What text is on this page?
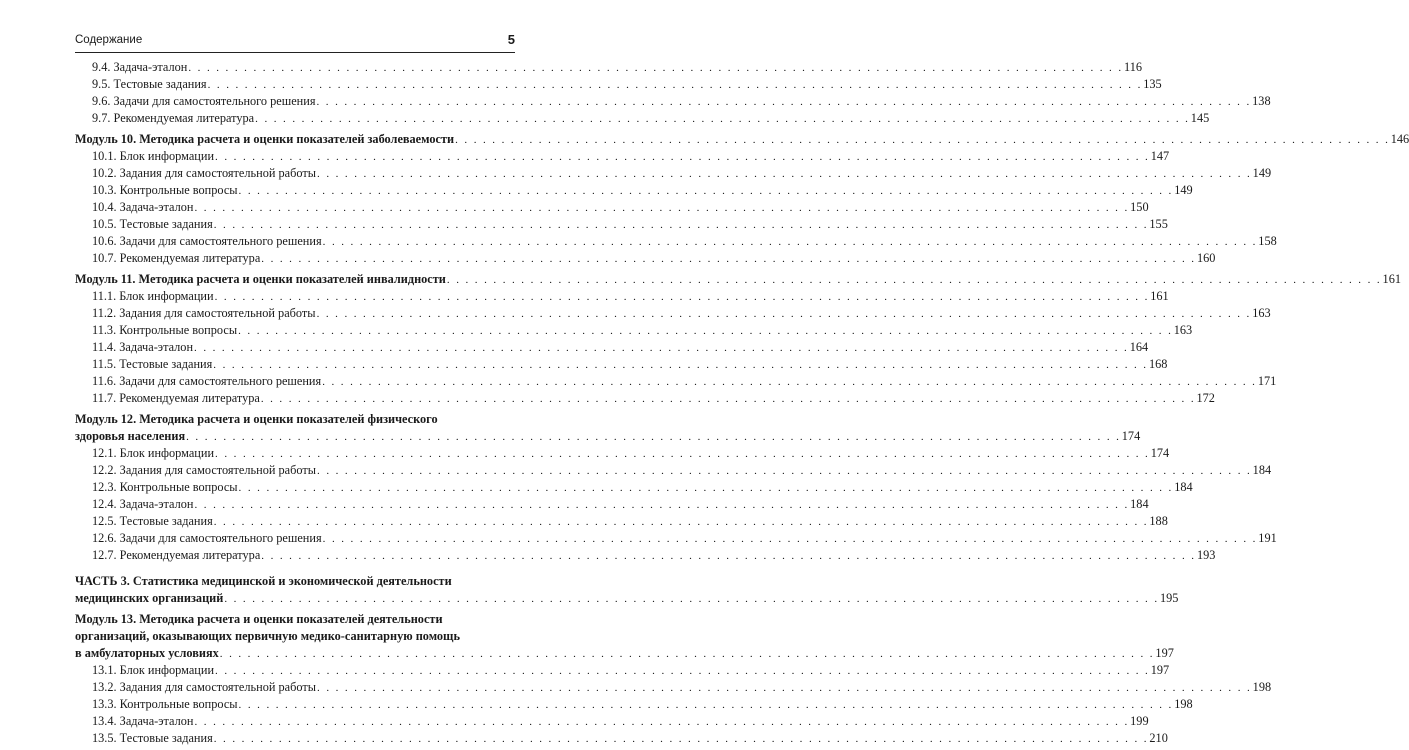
Содержание	5
9.4. Задача-эталон . . . . . . . . . . . . . . . . . . . . . . . . . . . . . . . . . . . . . . . . . . . . . . . . . . . . . . . . . . . . . . . . . . . . . . . . . . . . . . . . . . . . . . . . . . . . . . . . . . . . . 116
9.5. Тестовые задания . . . . . . . . . . . . . . . . . . . . . . . . . . . . . . . . . . . . . . . . . . . . . . . . . . . . . . . . . . . . . . . . . . . . . . . . . . . . . . . . . . . . . . . . . . . . . . . . . . . . . 135
9.6. Задачи для самостоятельного решения . . . . . . . . . . . . . . . . . . . . . . . . . . . . . . . . . . . . . . . . . . . . . . . . . . . . . . . . . . . . . . . . . . . . . . . . . . . . . . . . . . . . . . . . . . . . . . . . . . . . . 138
9.7. Рекомендуемая литература . . . . . . . . . . . . . . . . . . . . . . . . . . . . . . . . . . . . . . . . . . . . . . . . . . . . . . . . . . . . . . . . . . . . . . . . . . . . . . . . . . . . . . . . . . . . . . . . . . . . . 145
Модуль 10. Методика расчета и оценки показателей заболеваемости . . . . . . . . . . . . . . . . . . . . . . . . . . . . . . . . . . . . . . . . . . . . . . . . . . . . . . . . . . . . . . . . . . . . . . . . . . . . . . . . . . . . . . . . . . . . . . . . . . . . . 146
10.1. Блок информации . . . . . . . . . . . . . . . . . . . . . . . . . . . . . . . . . . . . . . . . . . . . . . . . . . . . . . . . . . . . . . . . . . . . . . . . . . . . . . . . . . . . . . . . . . . . . . . . . . . . . 147
10.2. Задания для самостоятельной работы . . . . . . . . . . . . . . . . . . . . . . . . . . . . . . . . . . . . . . . . . . . . . . . . . . . . . . . . . . . . . . . . . . . . . . . . . . . . . . . . . . . . . . . . . . . . . . . . . . . . . 149
10.3. Контрольные вопросы . . . . . . . . . . . . . . . . . . . . . . . . . . . . . . . . . . . . . . . . . . . . . . . . . . . . . . . . . . . . . . . . . . . . . . . . . . . . . . . . . . . . . . . . . . . . . . . . . . . . . 149
10.4. Задача-эталон . . . . . . . . . . . . . . . . . . . . . . . . . . . . . . . . . . . . . . . . . . . . . . . . . . . . . . . . . . . . . . . . . . . . . . . . . . . . . . . . . . . . . . . . . . . . . . . . . . . . . 150
10.5. Тестовые задания . . . . . . . . . . . . . . . . . . . . . . . . . . . . . . . . . . . . . . . . . . . . . . . . . . . . . . . . . . . . . . . . . . . . . . . . . . . . . . . . . . . . . . . . . . . . . . . . . . . . . 155
10.6. Задачи для самостоятельного решения . . . . . . . . . . . . . . . . . . . . . . . . . . . . . . . . . . . . . . . . . . . . . . . . . . . . . . . . . . . . . . . . . . . . . . . . . . . . . . . . . . . . . . . . . . . . . . . . . . . . . 158
10.7. Рекомендуемая литература . . . . . . . . . . . . . . . . . . . . . . . . . . . . . . . . . . . . . . . . . . . . . . . . . . . . . . . . . . . . . . . . . . . . . . . . . . . . . . . . . . . . . . . . . . . . . . . . . . . . . 160
Модуль 11. Методика расчета и оценки показателей инвалидности . . . . . . . . . . . . . . . . . . . . . . . . . . . . . . . . . . . . . . . . . . . . . . . . . . . . . . . . . . . . . . . . . . . . . . . . . . . . . . . . . . . . . . . . . . . . . . . . . . . . . 161
11.1. Блок информации . . . . . . . . . . . . . . . . . . . . . . . . . . . . . . . . . . . . . . . . . . . . . . . . . . . . . . . . . . . . . . . . . . . . . . . . . . . . . . . . . . . . . . . . . . . . . . . . . . . . . 161
11.2. Задания для самостоятельной работы . . . . . . . . . . . . . . . . . . . . . . . . . . . . . . . . . . . . . . . . . . . . . . . . . . . . . . . . . . . . . . . . . . . . . . . . . . . . . . . . . . . . . . . . . . . . . . . . . . . . . 163
11.3. Контрольные вопросы . . . . . . . . . . . . . . . . . . . . . . . . . . . . . . . . . . . . . . . . . . . . . . . . . . . . . . . . . . . . . . . . . . . . . . . . . . . . . . . . . . . . . . . . . . . . . . . . . . . . . 163
11.4. Задача-эталон . . . . . . . . . . . . . . . . . . . . . . . . . . . . . . . . . . . . . . . . . . . . . . . . . . . . . . . . . . . . . . . . . . . . . . . . . . . . . . . . . . . . . . . . . . . . . . . . . . . . . 164
11.5. Тестовые задания . . . . . . . . . . . . . . . . . . . . . . . . . . . . . . . . . . . . . . . . . . . . . . . . . . . . . . . . . . . . . . . . . . . . . . . . . . . . . . . . . . . . . . . . . . . . . . . . . . . . . 168
11.6. Задачи для самостоятельного решения . . . . . . . . . . . . . . . . . . . . . . . . . . . . . . . . . . . . . . . . . . . . . . . . . . . . . . . . . . . . . . . . . . . . . . . . . . . . . . . . . . . . . . . . . . . . . . . . . . . . . 171
11.7. Рекомендуемая литература . . . . . . . . . . . . . . . . . . . . . . . . . . . . . . . . . . . . . . . . . . . . . . . . . . . . . . . . . . . . . . . . . . . . . . . . . . . . . . . . . . . . . . . . . . . . . . . . . . . . . 172
Модуль 12. Методика расчета и оценки показателей физического
здоровья населения . . . . . . . . . . . . . . . . . . . . . . . . . . . . . . . . . . . . . . . . . . . . . . . . . . . . . . . . . . . . . . . . . . . . . . . . . . . . . . . . . . . . . . . . . . . . . . . . . . . . . 174
12.1. Блок информации . . . . . . . . . . . . . . . . . . . . . . . . . . . . . . . . . . . . . . . . . . . . . . . . . . . . . . . . . . . . . . . . . . . . . . . . . . . . . . . . . . . . . . . . . . . . . . . . . . . . . 174
12.2. Задания для самостоятельной работы . . . . . . . . . . . . . . . . . . . . . . . . . . . . . . . . . . . . . . . . . . . . . . . . . . . . . . . . . . . . . . . . . . . . . . . . . . . . . . . . . . . . . . . . . . . . . . . . . . . . . 184
12.3. Контрольные вопросы . . . . . . . . . . . . . . . . . . . . . . . . . . . . . . . . . . . . . . . . . . . . . . . . . . . . . . . . . . . . . . . . . . . . . . . . . . . . . . . . . . . . . . . . . . . . . . . . . . . . . 184
12.4. Задача-эталон . . . . . . . . . . . . . . . . . . . . . . . . . . . . . . . . . . . . . . . . . . . . . . . . . . . . . . . . . . . . . . . . . . . . . . . . . . . . . . . . . . . . . . . . . . . . . . . . . . . . . 184
12.5. Тестовые задания . . . . . . . . . . . . . . . . . . . . . . . . . . . . . . . . . . . . . . . . . . . . . . . . . . . . . . . . . . . . . . . . . . . . . . . . . . . . . . . . . . . . . . . . . . . . . . . . . . . . . 188
12.6. Задачи для самостоятельного решения . . . . . . . . . . . . . . . . . . . . . . . . . . . . . . . . . . . . . . . . . . . . . . . . . . . . . . . . . . . . . . . . . . . . . . . . . . . . . . . . . . . . . . . . . . . . . . . . . . . . . 191
12.7. Рекомендуемая литература . . . . . . . . . . . . . . . . . . . . . . . . . . . . . . . . . . . . . . . . . . . . . . . . . . . . . . . . . . . . . . . . . . . . . . . . . . . . . . . . . . . . . . . . . . . . . . . . . . . . . 193
ЧАСТЬ 3. Статистика медицинской и экономической деятельности
медицинских организаций . . . . . . . . . . . . . . . . . . . . . . . . . . . . . . . . . . . . . . . . . . . . . . . . . . . . . . . . . . . . . . . . . . . . . . . . . . . . . . . . . . . . . . . . . . . . . . . . . . . . . 195
Модуль 13. Методика расчета и оценки показателей деятельности
организаций, оказывающих первичную медико-санитарную помощь
в амбулаторных условиях . . . . . . . . . . . . . . . . . . . . . . . . . . . . . . . . . . . . . . . . . . . . . . . . . . . . . . . . . . . . . . . . . . . . . . . . . . . . . . . . . . . . . . . . . . . . . . . . . . . . . 197
13.1. Блок информации . . . . . . . . . . . . . . . . . . . . . . . . . . . . . . . . . . . . . . . . . . . . . . . . . . . . . . . . . . . . . . . . . . . . . . . . . . . . . . . . . . . . . . . . . . . . . . . . . . . . . 197
13.2. Задания для самостоятельной работы . . . . . . . . . . . . . . . . . . . . . . . . . . . . . . . . . . . . . . . . . . . . . . . . . . . . . . . . . . . . . . . . . . . . . . . . . . . . . . . . . . . . . . . . . . . . . . . . . . . . . 198
13.3. Контрольные вопросы . . . . . . . . . . . . . . . . . . . . . . . . . . . . . . . . . . . . . . . . . . . . . . . . . . . . . . . . . . . . . . . . . . . . . . . . . . . . . . . . . . . . . . . . . . . . . . . . . . . . . 198
13.4. Задача-эталон . . . . . . . . . . . . . . . . . . . . . . . . . . . . . . . . . . . . . . . . . . . . . . . . . . . . . . . . . . . . . . . . . . . . . . . . . . . . . . . . . . . . . . . . . . . . . . . . . . . . . 199
13.5. Тестовые задания . . . . . . . . . . . . . . . . . . . . . . . . . . . . . . . . . . . . . . . . . . . . . . . . . . . . . . . . . . . . . . . . . . . . . . . . . . . . . . . . . . . . . . . . . . . . . . . . . . . . . 210
